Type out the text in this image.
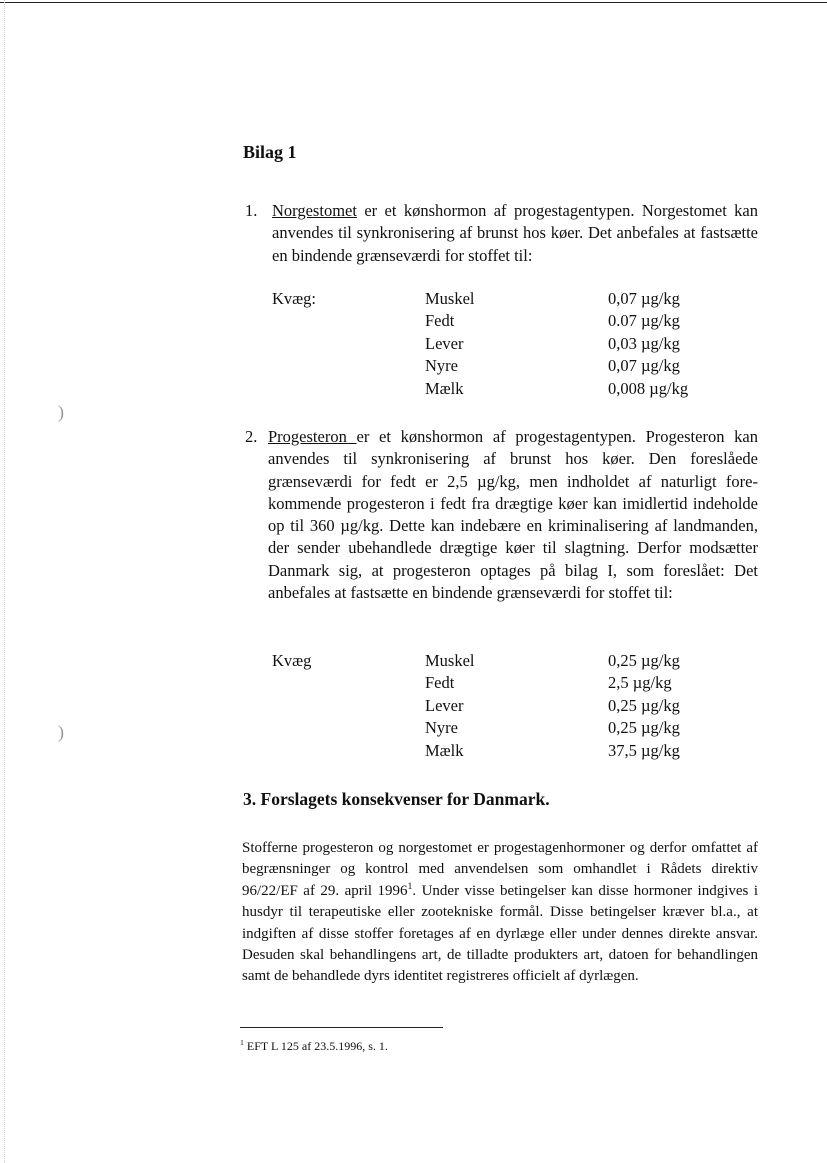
)
)
Bilag 1
1. Norgestomet er et kønshormon af progestagentypen. Norgestomet kan anvendes til synkronisering af brunst hos køer. Det anbefales at fastsætte en bindende grænseværdi for stoffet til:

Kvæg:	Muskel	0,07 µg/kg
Fedt	0.07 µg/kg
Lever	0,03 µg/kg
Nyre	0,07 µg/kg
Mælk	0,008 µg/kg
2. Progesteron er et kønshormon af progestagentypen. Progesteron kan anvendes til synkronisering af brunst hos køer. Den foreslåede grænseværdi for fedt er 2,5 µg/kg, men indholdet af naturligt forekommende progesteron i fedt fra drægtige køer kan imidlertid indeholde op til 360 µg/kg. Dette kan indebære en kriminalisering af landmanden, der sender ubehandlede drægtige køer til slagtning. Derfor modsætter Danmark sig, at progesteron optages på bilag I, som foreslået: Det anbefales at fastsætte en bindende grænseværdi for stoffet til:

Kvæg	Muskel	0,25 µg/kg
Fedt	2,5 µg/kg
Lever	0,25 µg/kg
Nyre	0,25 µg/kg
Mælk	37,5 µg/kg
3. Forslagets konsekvenser for Danmark.

Stofferne progesteron og norgestomet er progestagenhormoner og derfor omfattet af begrænsninger og kontrol med anvendelsen som omhandlet i Rådets direktiv 96/22/EF af 29. april 1996$^1$. Under visse betingelser kan disse hormoner indgives i husdyr til terapeutiske eller zootekniske formål. Disse betingelser kræver bl.a., at indgiften af disse stoffer foretages af en dyrlæge eller under dennes direkte ansvar. Desuden skal behandlingens art, de tilladte produkters art, datoen for behandlingen samt de behandlede dyrs identitet registreres officielt af dyrlægen.

$^1$ EFT L 125 af 23.5.1996, s. 1.
